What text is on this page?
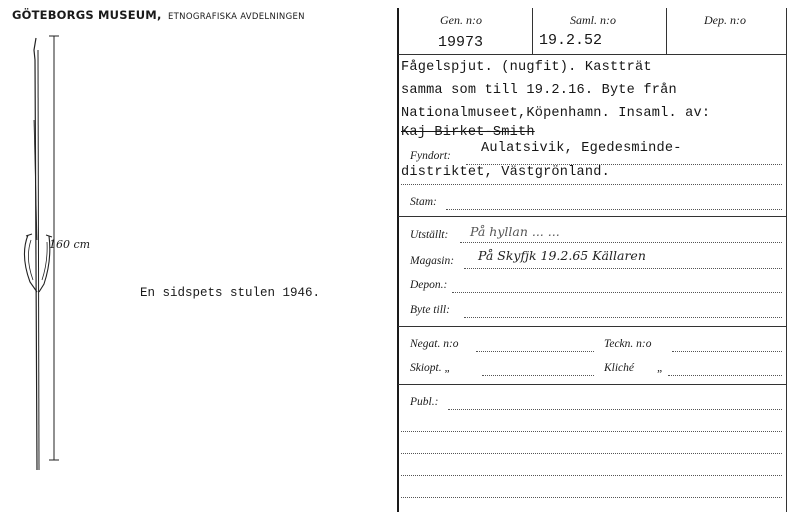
GÖTEBORGS MUSEUM, ETNOGRAFISKA AVDELNINGEN
160 cm
En sidspets stulen 1946.
Gen. n:o	Saml. n:o	Dep. n:o
19973	19.2.52
Fågelspjut. (nugfit). Kastträt
samma som till 19.2.16. Byte från
Nationalmuseet,Köpenhamn. Insaml. av:
Kaj Birket-Smith
Fyndort: Aulatsivik, Egedesminde-
distriktet, Västgrönland.
Stam:
Utställt: På hyllan ... ...
Magasin: På Skyfjk 19.2.65 Källaren
Depon.:
Byte till:
Negat. n:o	Teckn. n:o
Skiopt. „	Kliché „
Publ.:
